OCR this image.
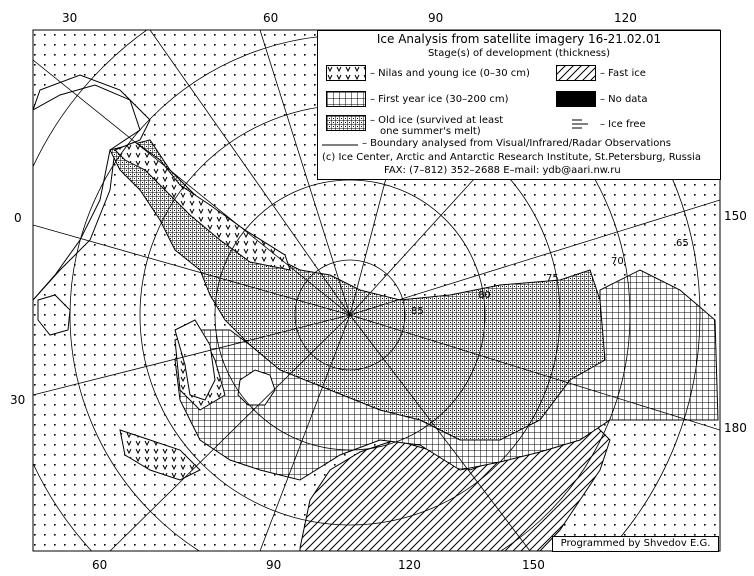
30	60	90	120
60	90	120	150
0
30
150
180
65
70
75
80
85
Ice Analysis from satellite imagery 16-21.02.01
Stage(s) of development (thickness)
– Nilas and young ice (0–30 cm)	– Fast ice
– First year ice (30–200 cm)	– No data
– Old ice (survived at least
one summer's melt)
– Ice free
– Boundary analysed from Visual/Infrared/Radar Observations
(c) Ice Center, Arctic and Antarctic Research Institute, St.Petersburg, Russia
FAX: (7–812) 352–2688 E–mail: ydb@aari.nw.ru
Programmed by Shvedov E.G.
